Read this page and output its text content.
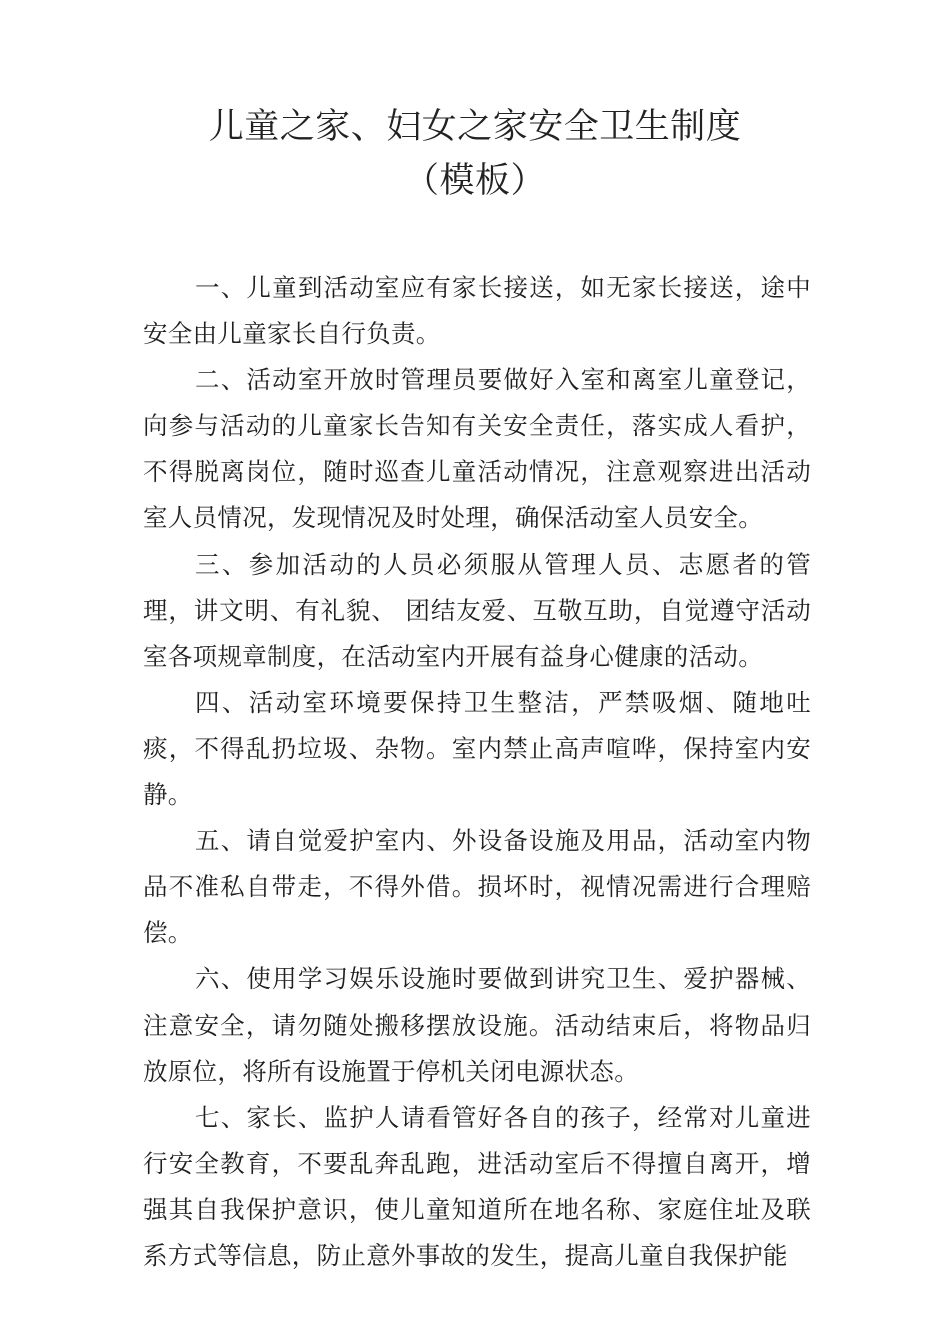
儿童之家、妇女之家安全卫生制度
（模板）

一、儿童到活动室应有家长接送，如无家长接送，途中安全由儿童家长自行负责。

二、活动室开放时管理员要做好入室和离室儿童登记，向参与活动的儿童家长告知有关安全责任，落实成人看护，不得脱离岗位，随时巡查儿童活动情况，注意观察进出活动室人员情况，发现情况及时处理，确保活动室人员安全。

三、参加活动的人员必须服从管理人员、志愿者的管理，讲文明、有礼貌、 团结友爱、互敬互助，自觉遵守活动室各项规章制度，在活动室内开展有益身心健康的活动。

四、活动室环境要保持卫生整洁，严禁吸烟、随地吐痰，不得乱扔垃圾、杂物。室内禁止高声喧哗，保持室内安静。

五、请自觉爱护室内、外设备设施及用品，活动室内物品不准私自带走，不得外借。损坏时，视情况需进行合理赔偿。

六、使用学习娱乐设施时要做到讲究卫生、爱护器械、注意安全，请勿随处搬移摆放设施。活动结束后，将物品归放原位，将所有设施置于停机关闭电源状态。

七、家长、监护人请看管好各自的孩子，经常对儿童进行安全教育，不要乱奔乱跑，进活动室后不得擅自离开，增强其自我保护意识，使儿童知道所在地名称、家庭住址及联系方式等信息，防止意外事故的发生，提高儿童自我保护能
